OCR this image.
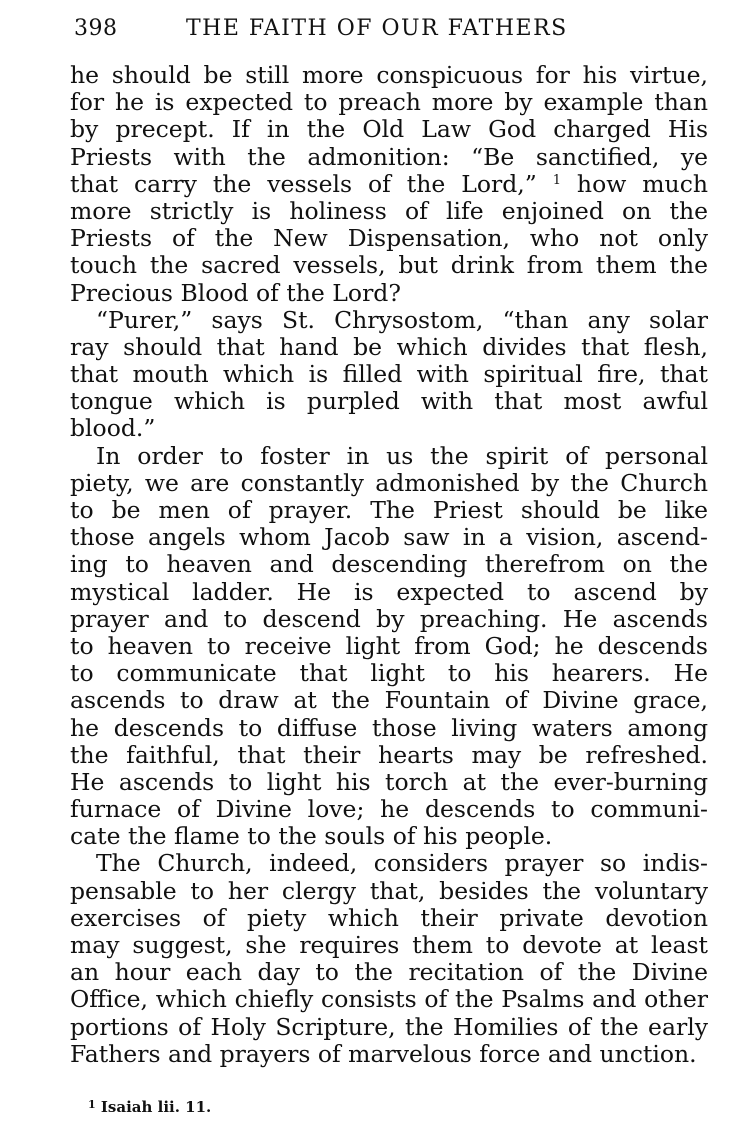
398	THE FAITH OF OUR FATHERS
he should be still more conspicuous for his virtue,
for he is expected to preach more by example than
by precept. If in the Old Law God charged His
Priests with the admonition: “Be sanctified, ye
that carry the vessels of the Lord,” $^1$ how much
more strictly is holiness of life enjoined on the
Priests of the New Dispensation, who not only
touch the sacred vessels, but drink from them the
Precious Blood of the Lord?
“Purer,” says St. Chrysostom, “than any solar
ray should that hand be which divides that flesh,
that mouth which is filled with spiritual fire, that
tongue which is purpled with that most awful
blood.”
In order to foster in us the spirit of personal
piety, we are constantly admonished by the Church
to be men of prayer. The Priest should be like
those angels whom Jacob saw in a vision, ascend-
ing to heaven and descending therefrom on the
mystical ladder. He is expected to ascend by
prayer and to descend by preaching. He ascends
to heaven to receive light from God; he descends
to communicate that light to his hearers. He
ascends to draw at the Fountain of Divine grace,
he descends to diffuse those living waters among
the faithful, that their hearts may be refreshed.
He ascends to light his torch at the ever-burning
furnace of Divine love; he descends to communi-
cate the flame to the souls of his people.
The Church, indeed, considers prayer so indis-
pensable to her clergy that, besides the voluntary
exercises of piety which their private devotion
may suggest, she requires them to devote at least
an hour each day to the recitation of the Divine
Office, which chiefly consists of the Psalms and other
portions of Holy Scripture, the Homilies of the early
Fathers and prayers of marvelous force and unction.
$^1$ Isaiah lii. 11.
